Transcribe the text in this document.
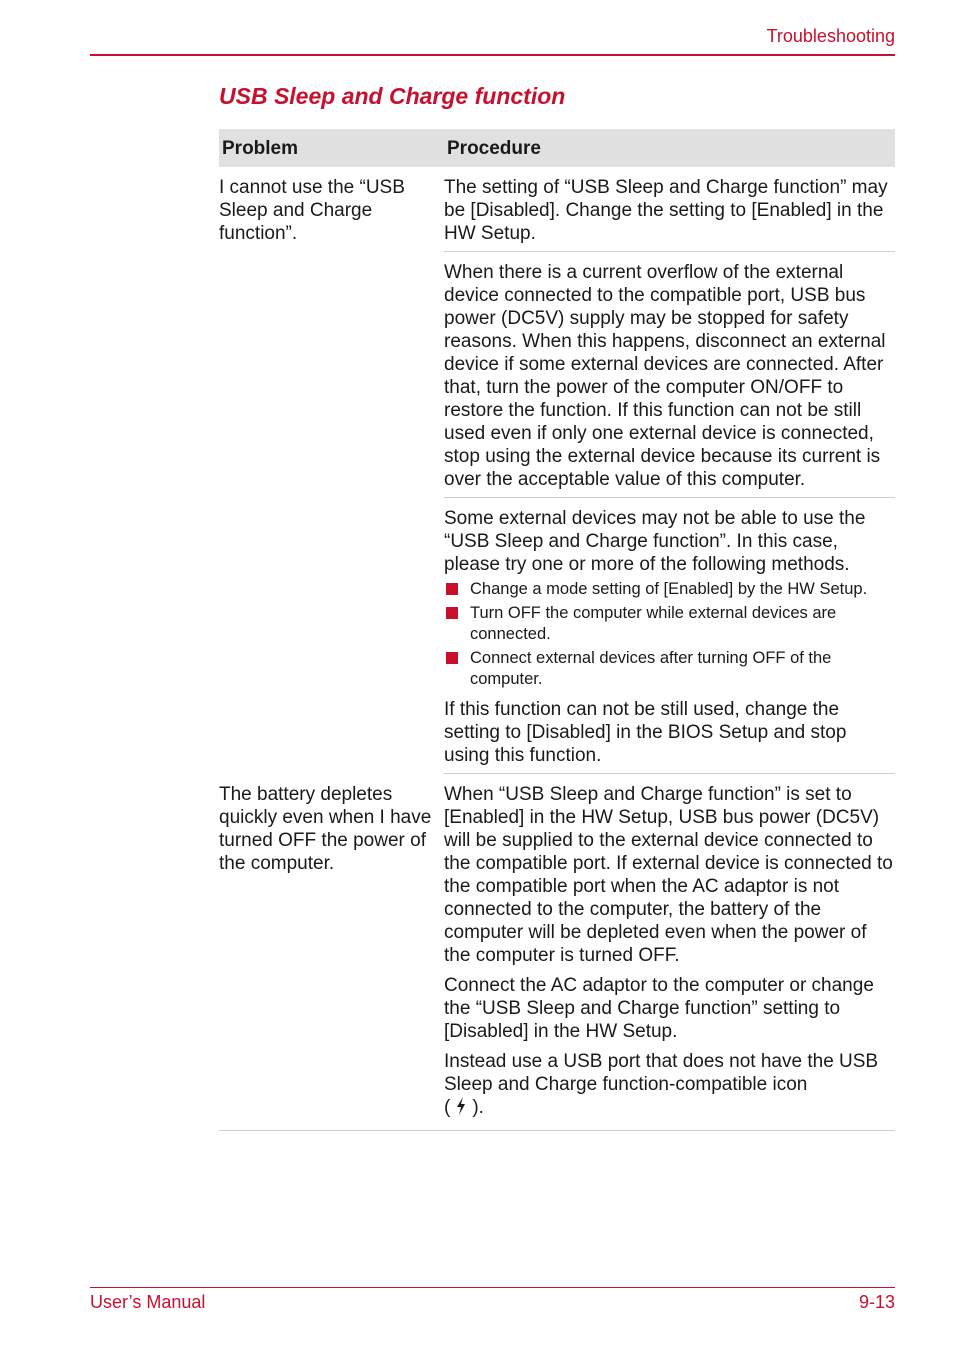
Troubleshooting
USB Sleep and Charge function
Problem	Procedure
I cannot use the “USB Sleep and Charge function”.

The setting of “USB Sleep and Charge function” may be [Disabled]. Change the setting to [Enabled] in the HW Setup.

When there is a current overflow of the external device connected to the compatible port, USB bus power (DC5V) supply may be stopped for safety reasons. When this happens, disconnect an external device if some external devices are connected. After that, turn the power of the computer ON/OFF to restore the function. If this function can not be still used even if only one external device is connected, stop using the external device because its current is over the acceptable value of this computer.

Some external devices may not be able to use the “USB Sleep and Charge function”. In this case, please try one or more of the following methods.

Change a mode setting of [Enabled] by the HW Setup.
Turn OFF the computer while external devices are connected.
Connect external devices after turning OFF of the computer.

If this function can not be still used, change the setting to [Disabled] in the BIOS Setup and stop using this function.

The battery depletes quickly even when I have turned OFF the power of the computer.

When “USB Sleep and Charge function” is set to [Enabled] in the HW Setup, USB bus power (DC5V) will be supplied to the external device connected to the compatible port. If external device is connected to the compatible port when the AC adaptor is not connected to the computer, the battery of the computer will be depleted even when the power of the computer is turned OFF.

Connect the AC adaptor to the computer or change the “USB Sleep and Charge function” setting to [Disabled] in the HW Setup.

Instead use a USB port that does not have the USB Sleep and Charge function-compatible icon
( ).

User’s Manual	9-13
